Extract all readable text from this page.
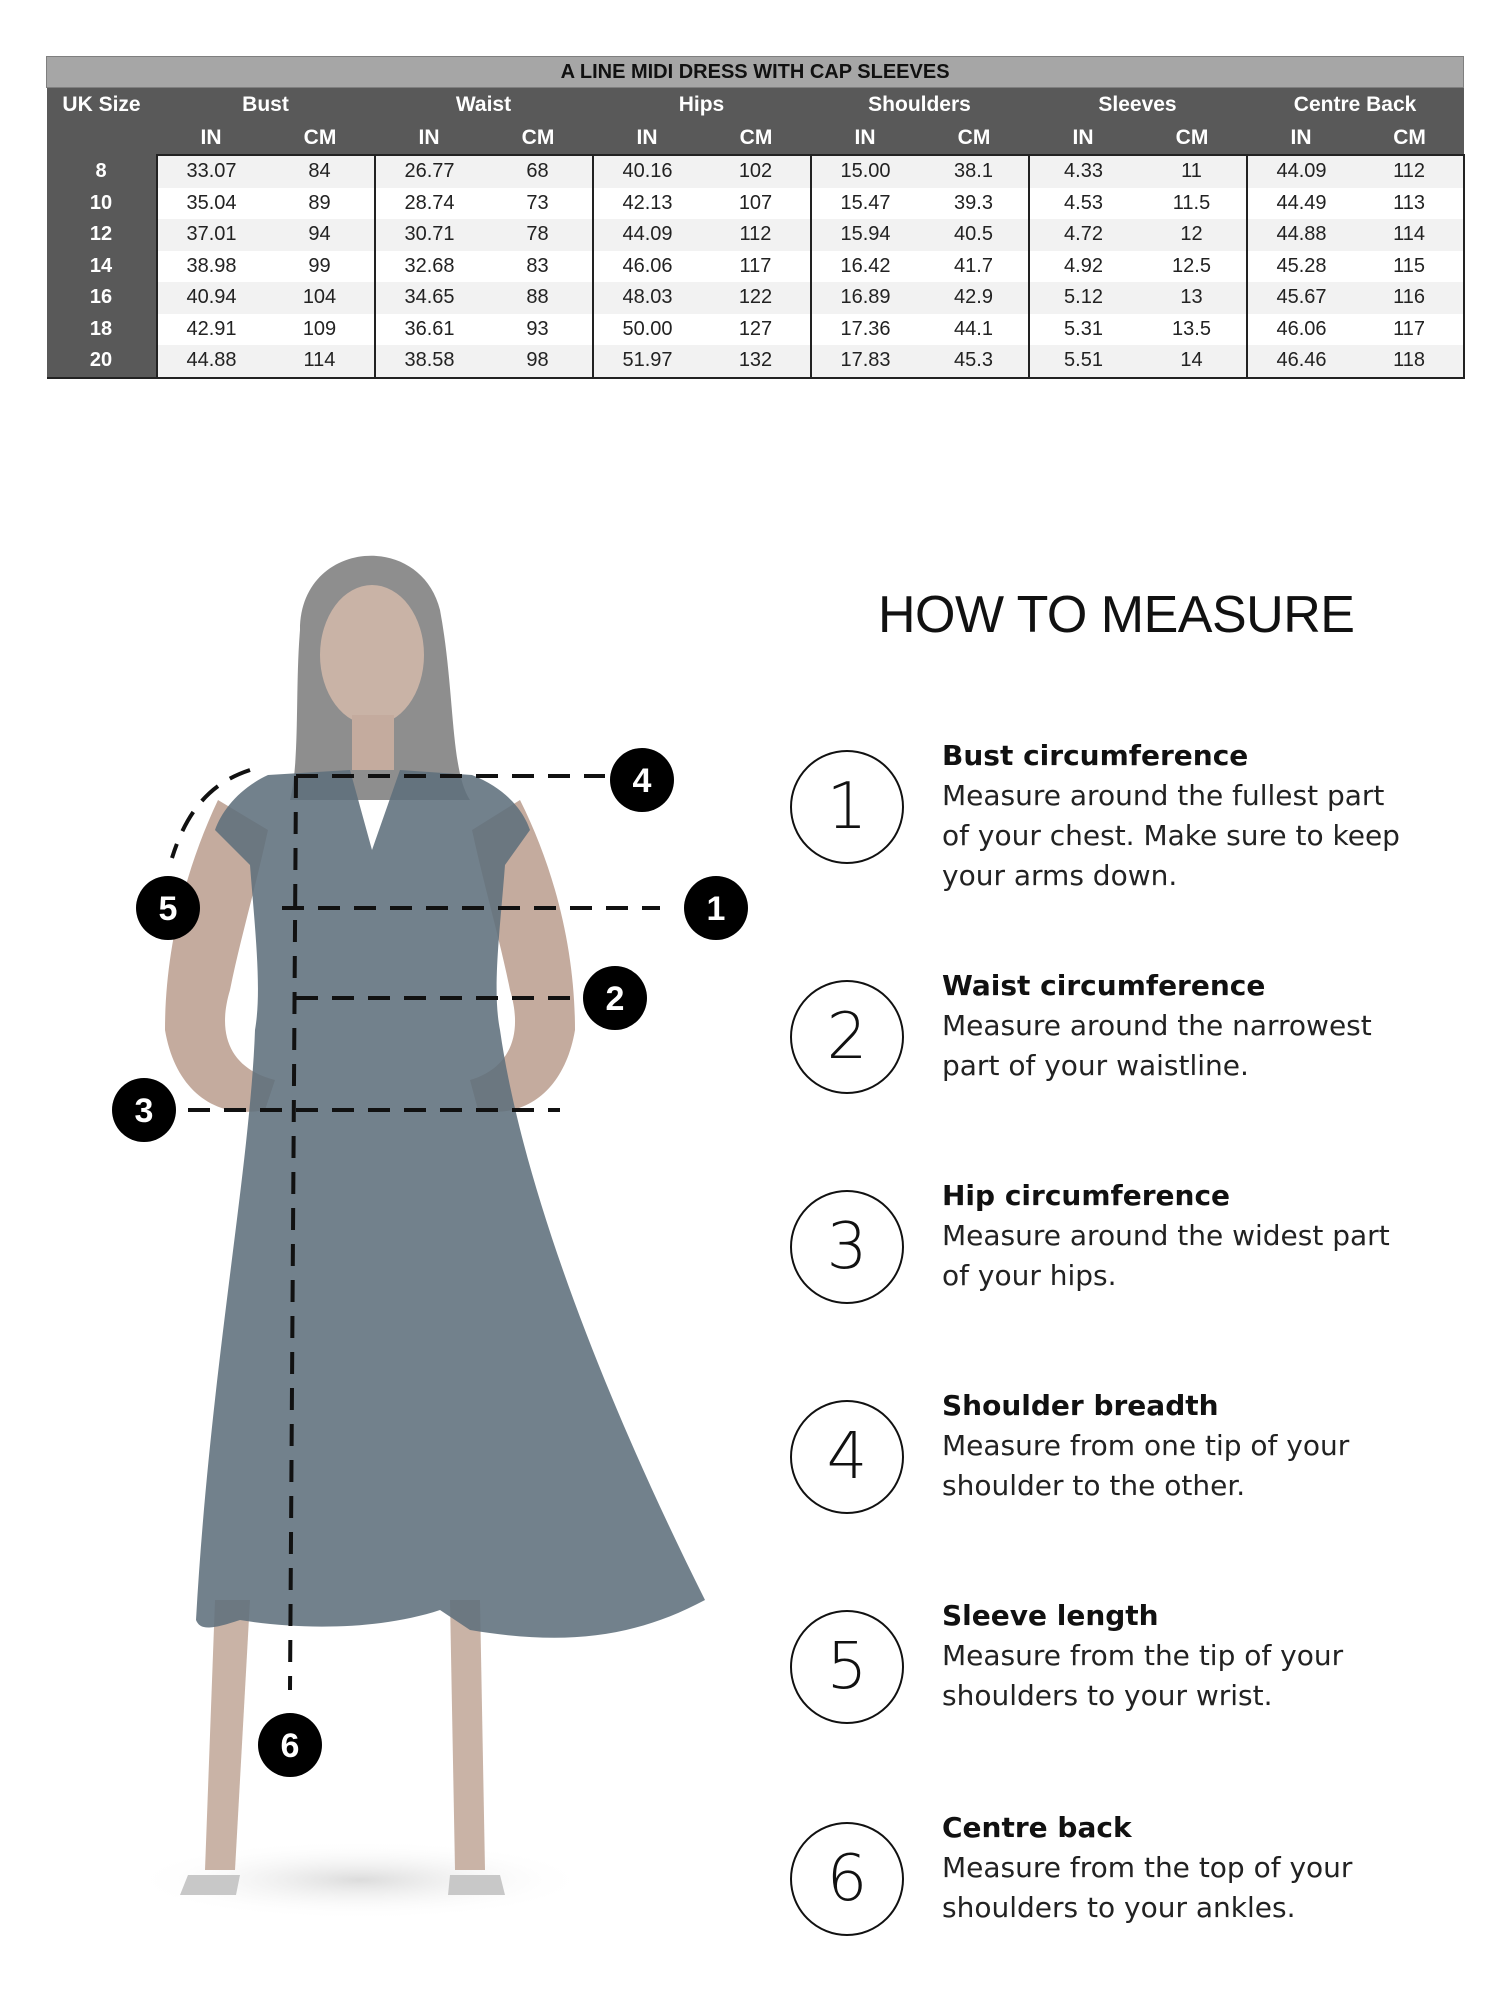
A LINE MIDI DRESS WITH CAP SLEEVES												
UK Size	Bust		Waist		Hips		Shoulders		Sleeves		Centre Back	
	IN	CM	IN	CM	IN	CM	IN	CM	IN	CM	IN	CM
8	33.07	84	26.77	68	40.16	102	15.00	38.1	4.33	11	44.09	112
10	35.04	89	28.74	73	42.13	107	15.47	39.3	4.53	11.5	44.49	113
12	37.01	94	30.71	78	44.09	112	15.94	40.5	4.72	12	44.88	114
14	38.98	99	32.68	83	46.06	117	16.42	41.7	4.92	12.5	45.28	115
16	40.94	104	34.65	88	48.03	122	16.89	42.9	5.12	13	45.67	116
18	42.91	109	36.61	93	50.00	127	17.36	44.1	5.31	13.5	46.06	117
20	44.88	114	38.58	98	51.97	132	17.83	45.3	5.51	14	46.46	118
4
5	1
2
3
6
HOW TO MEASURE
1
Bust circumference
Measure around the fullest part
of your chest. Make sure to keep
your arms down.
2
Waist circumference
Measure around the narrowest
part of your waistline.
3
Hip circumference
Measure around the widest part
of your hips.
4
Shoulder breadth
Measure from one tip of your
shoulder to the other.
5
Sleeve length
Measure from the tip of your
shoulders to your wrist.
6
Centre back
Measure from the top of your
shoulders to your ankles.
